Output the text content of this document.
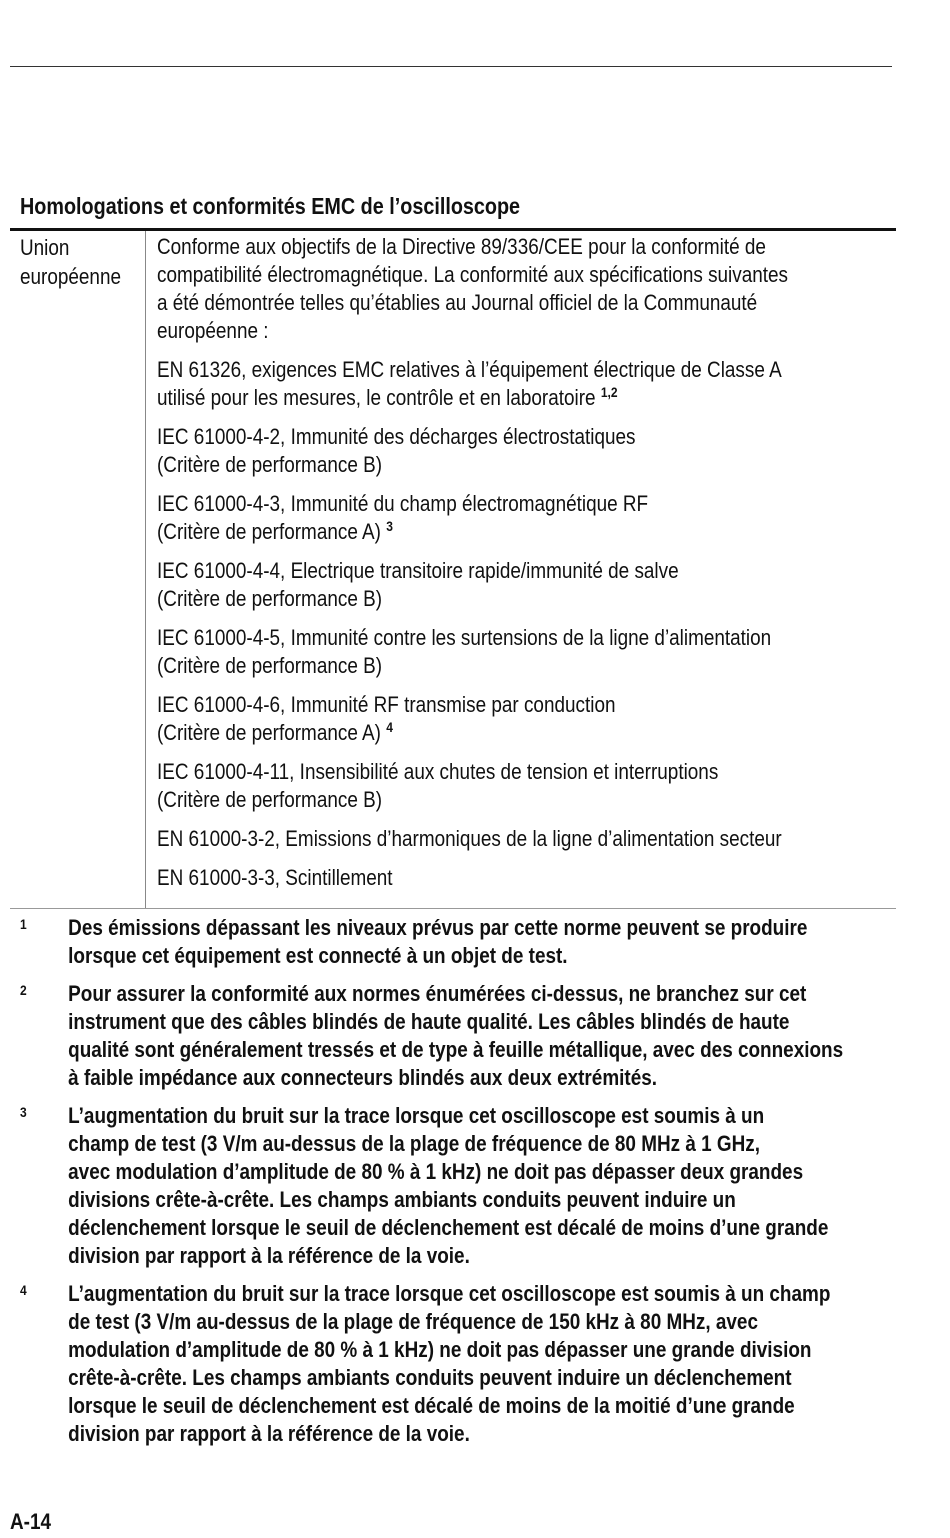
Homologations et conformités EMC de l’oscilloscope
Union
européenne

Conforme aux objectifs de la Directive 89/336/CEE pour la conformité de
compatibilité électromagnétique. La conformité aux spécifications suivantes
a été démontrée telles qu’établies au Journal officiel de la Communauté
européenne :

EN 61326, exigences EMC relatives à l’équipement électrique de Classe A
utilisé pour les mesures, le contrôle et en laboratoire $^{1,2}$

IEC 61000-4-2, Immunité des décharges électrostatiques
(Critère de performance B)

IEC 61000-4-3, Immunité du champ électromagnétique RF
(Critère de performance A) $^3$

IEC 61000-4-4, Electrique transitoire rapide/immunité de salve
(Critère de performance B)

IEC 61000-4-5, Immunité contre les surtensions de la ligne d’alimentation
(Critère de performance B)

IEC 61000-4-6, Immunité RF transmise par conduction
(Critère de performance A) $^4$

IEC 61000-4-11, Insensibilité aux chutes de tension et interruptions
(Critère de performance B)

EN 61000-3-2, Emissions d’harmoniques de la ligne d’alimentation secteur

EN 61000-3-3, Scintillement

1 Des émissions dépassant les niveaux prévus par cette norme peuvent se produire
lorsque cet équipement est connecté à un objet de test.
2 Pour assurer la conformité aux normes énumérées ci-dessus, ne branchez sur cet
instrument que des câbles blindés de haute qualité. Les câbles blindés de haute
qualité sont généralement tressés et de type à feuille métallique, avec des connexions
à faible impédance aux connecteurs blindés aux deux extrémités.
3 L’augmentation du bruit sur la trace lorsque cet oscilloscope est soumis à un
champ de test (3 V/m au-dessus de la plage de fréquence de 80 MHz à 1 GHz,
avec modulation d’amplitude de 80 % à 1 kHz) ne doit pas dépasser deux grandes
divisions crête-à-crête. Les champs ambiants conduits peuvent induire un
déclenchement lorsque le seuil de déclenchement est décalé de moins d’une grande
division par rapport à la référence de la voie.
4 L’augmentation du bruit sur la trace lorsque cet oscilloscope est soumis à un champ
de test (3 V/m au-dessus de la plage de fréquence de 150 kHz à 80 MHz, avec
modulation d’amplitude de 80 % à 1 kHz) ne doit pas dépasser une grande division
crête-à-crête. Les champs ambiants conduits peuvent induire un déclenchement
lorsque le seuil de déclenchement est décalé de moins de la moitié d’une grande
division par rapport à la référence de la voie.
A-14
